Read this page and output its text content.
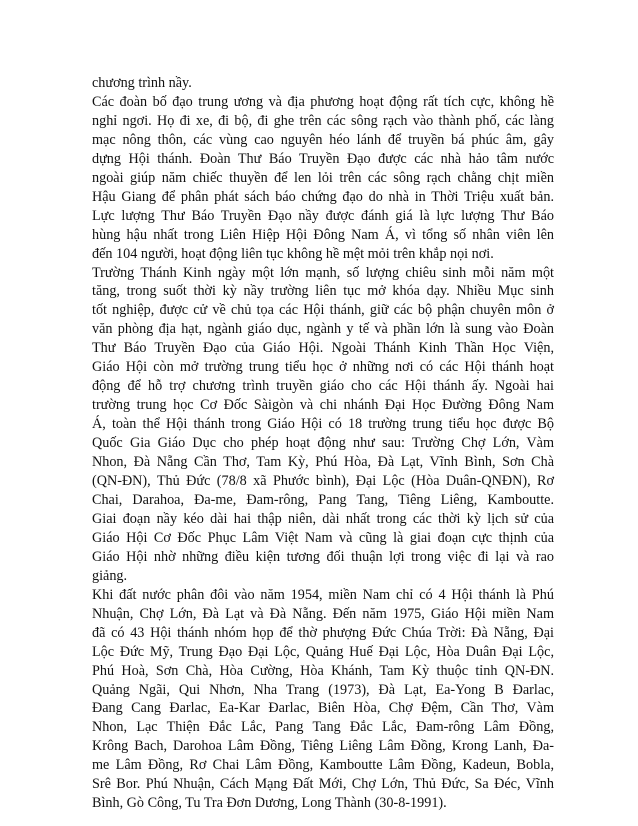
chương trình nầy.
Các đoàn bố đạo trung ương và địa phương hoạt động rất tích cực, không hề
nghỉ ngơi. Họ đi xe, đi bộ, đi ghe trên các sông rạch vào thành phố, các làng
mạc nông thôn, các vùng cao nguyên héo lánh để truyền bá phúc âm, gây
dựng Hội thánh. Đoàn Thư Báo Truyền Đạo được các nhà hảo tâm nước
ngoài giúp năm chiếc thuyền để len lỏi trên các sông rạch chằng chịt miền
Hậu Giang để phân phát sách báo chứng đạo do nhà in Thời Triệu xuất bản.
Lực lượng Thư Báo Truyền Đạo nầy được đánh giá là lực lượng Thư Báo
hùng hậu nhất trong Liên Hiệp Hội Đông Nam Á, vì tổng số nhân viên lên
đến 104 người, hoạt động liên tục không hề mệt mỏi trên khắp nọi nơi.
Trường Thánh Kinh ngày một lớn mạnh, số lượng chiêu sinh mỗi năm một
tăng, trong suốt thời kỳ nầy trường liên tục mở khóa dạy. Nhiều Mục sinh
tốt nghiệp, được cử về chủ tọa các Hội thánh, giữ các bộ phận chuyên môn ở
văn phòng địa hạt, ngành giáo dục, ngành y tế và phần lớn là sung vào Đoàn
Thư Báo Truyền Đạo của Giáo Hội. Ngoài Thánh Kinh Thần Học Viện,
Giáo Hội còn mở trường trung tiểu học ở những nơi có các Hội thánh hoạt
động để hỗ trợ chương trình truyền giáo cho các Hội thánh ấy. Ngoài hai
trường trung học Cơ Đốc Sàigòn và chi nhánh Đại Học Đường Đông Nam
Á, toàn thể Hội thánh trong Giáo Hội có 18 trường trung tiểu học được Bộ
Quốc Gia Giáo Dục cho phép hoạt động như sau: Trường Chợ Lớn, Vàm
Nhon, Đà Nẵng Cần Thơ, Tam Kỳ, Phú Hòa, Đà Lạt, Vĩnh Bình, Sơn Chà
(QN-ĐN), Thủ Đức (78/8 xã Phước bình), Đại Lộc (Hòa Duân-QNĐN), Rơ
Chai, Darahoa, Đa-me, Đam-rông, Pang Tang, Tiêng Liêng, Kamboutte.
Giai đoạn nầy kéo dài hai thập niên, dài nhất trong các thời kỳ lịch sử của
Giáo Hội Cơ Đốc Phục Lâm Việt Nam và cũng là giai đoạn cực thịnh của
Giáo Hội nhờ những điều kiện tương đối thuận lợi trong việc đi lại và rao
giảng.
Khi đất nước phân đôi vào năm 1954, miền Nam chỉ có 4 Hội thánh là Phú
Nhuận, Chợ Lớn, Đà Lạt và Đà Nẵng. Đến năm 1975, Giáo Hội miền Nam
đã có 43 Hội thánh nhóm họp để thờ phượng Đức Chúa Trời: Đà Nẵng, Đại
Lộc Đức Mỹ, Trung Đạo Đại Lộc, Quảng Huế Đại Lộc, Hòa Duân Đại Lộc,
Phú Hoà, Sơn Chà, Hòa Cường, Hòa Khánh, Tam Kỳ thuộc tỉnh QN-ĐN.
Quảng Ngãi, Qui Nhơn, Nha Trang (1973), Đà Lạt, Ea-Yong B Đarlac,
Đang Cang Đarlac, Ea-Kar Đarlac, Biên Hòa, Chợ Đệm, Cần Thơ, Vàm
Nhon, Lạc Thiện Đắc Lắc, Pang Tang Đắc Lắc, Đam-rông Lâm Đồng,
Krông Bach, Darohoa Lâm Đồng, Tiêng Liêng Lâm Đồng, Krong Lanh, Đa-
me Lâm Đồng, Rơ Chai Lâm Đồng, Kamboutte Lâm Đồng, Kadeun, Bobla,
Srê Bor. Phú Nhuận, Cách Mạng Đất Mới, Chợ Lớn, Thủ Đức, Sa Đéc, Vĩnh
Bình, Gò Công, Tu Tra Đơn Dương, Long Thành (30-8-1991).
